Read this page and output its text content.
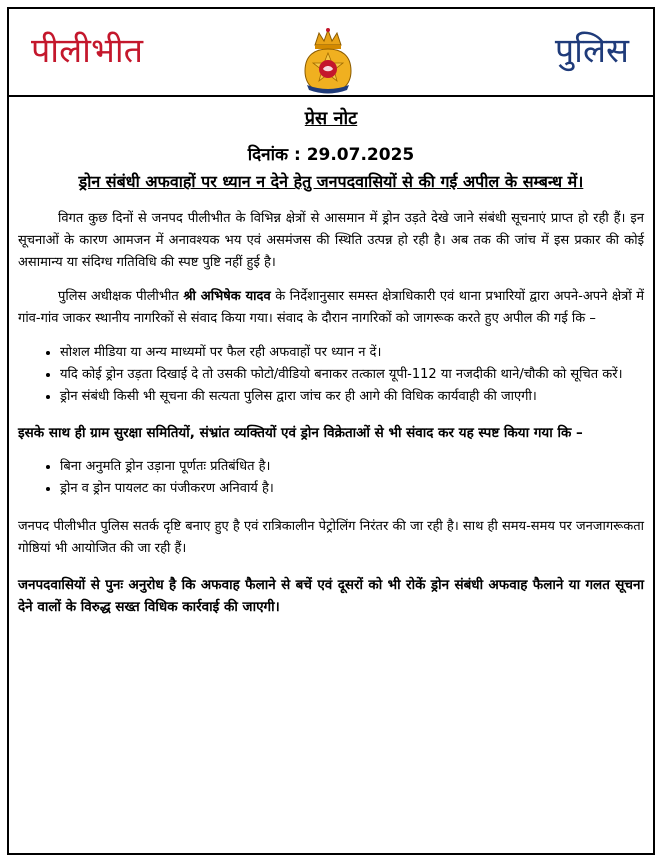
पीलीभीत	पुलिस
प्रेस नोट
दिनांक : 29.07.2025
ड्रोन संबंधी अफवाहों पर ध्यान न देने हेतु जनपदवासियों से की गई अपील के सम्बन्ध में।

विगत कुछ दिनों से जनपद पीलीभीत के विभिन्न क्षेत्रों से आसमान में ड्रोन उड़ते देखे जाने संबंधी सूचनाएं प्राप्त हो रही हैं। इन सूचनाओं के कारण आमजन में अनावश्यक भय एवं असमंजस की स्थिति उत्पन्न हो रही है। अब तक की जांच में इस प्रकार की कोई असामान्य या संदिग्ध गतिविधि की स्पष्ट पुष्टि नहीं हुई है।

पुलिस अधीक्षक पीलीभीत श्री अभिषेक यादव के निर्देशानुसार समस्त क्षेत्राधिकारी एवं थाना प्रभारियों द्वारा अपने-अपने क्षेत्रों में गांव-गांव जाकर स्थानीय नागरिकों से संवाद किया गया। संवाद के दौरान नागरिकों को जागरूक करते हुए अपील की गई कि –

• सोशल मीडिया या अन्य माध्यमों पर फैल रही अफवाहों पर ध्यान न दें।
• यदि कोई ड्रोन उड़ता दिखाई दे तो उसकी फोटो/वीडियो बनाकर तत्काल यूपी-112 या नजदीकी थाने/चौकी को सूचित करें।
• ड्रोन संबंधी किसी भी सूचना की सत्यता पुलिस द्वारा जांच कर ही आगे की विधिक कार्यवाही की जाएगी।

इसके साथ ही ग्राम सुरक्षा समितियों, संभ्रांत व्यक्तियों एवं ड्रोन विक्रेताओं से भी संवाद कर यह स्पष्ट किया गया कि –

• बिना अनुमति ड्रोन उड़ाना पूर्णतः प्रतिबंधित है।
• ड्रोन व ड्रोन पायलट का पंजीकरण अनिवार्य है।

जनपद पीलीभीत पुलिस सतर्क दृष्टि बनाए हुए है एवं रात्रिकालीन पेट्रोलिंग निरंतर की जा रही है। साथ ही समय-समय पर जनजागरूकता गोष्ठियां भी आयोजित की जा रही हैं।

जनपदवासियों से पुनः अनुरोध है कि अफवाह फैलाने से बचें एवं दूसरों को भी रोकें ड्रोन संबंधी अफवाह फैलाने या गलत सूचना देने वालों के विरुद्ध सख्त विधिक कार्रवाई की जाएगी।
